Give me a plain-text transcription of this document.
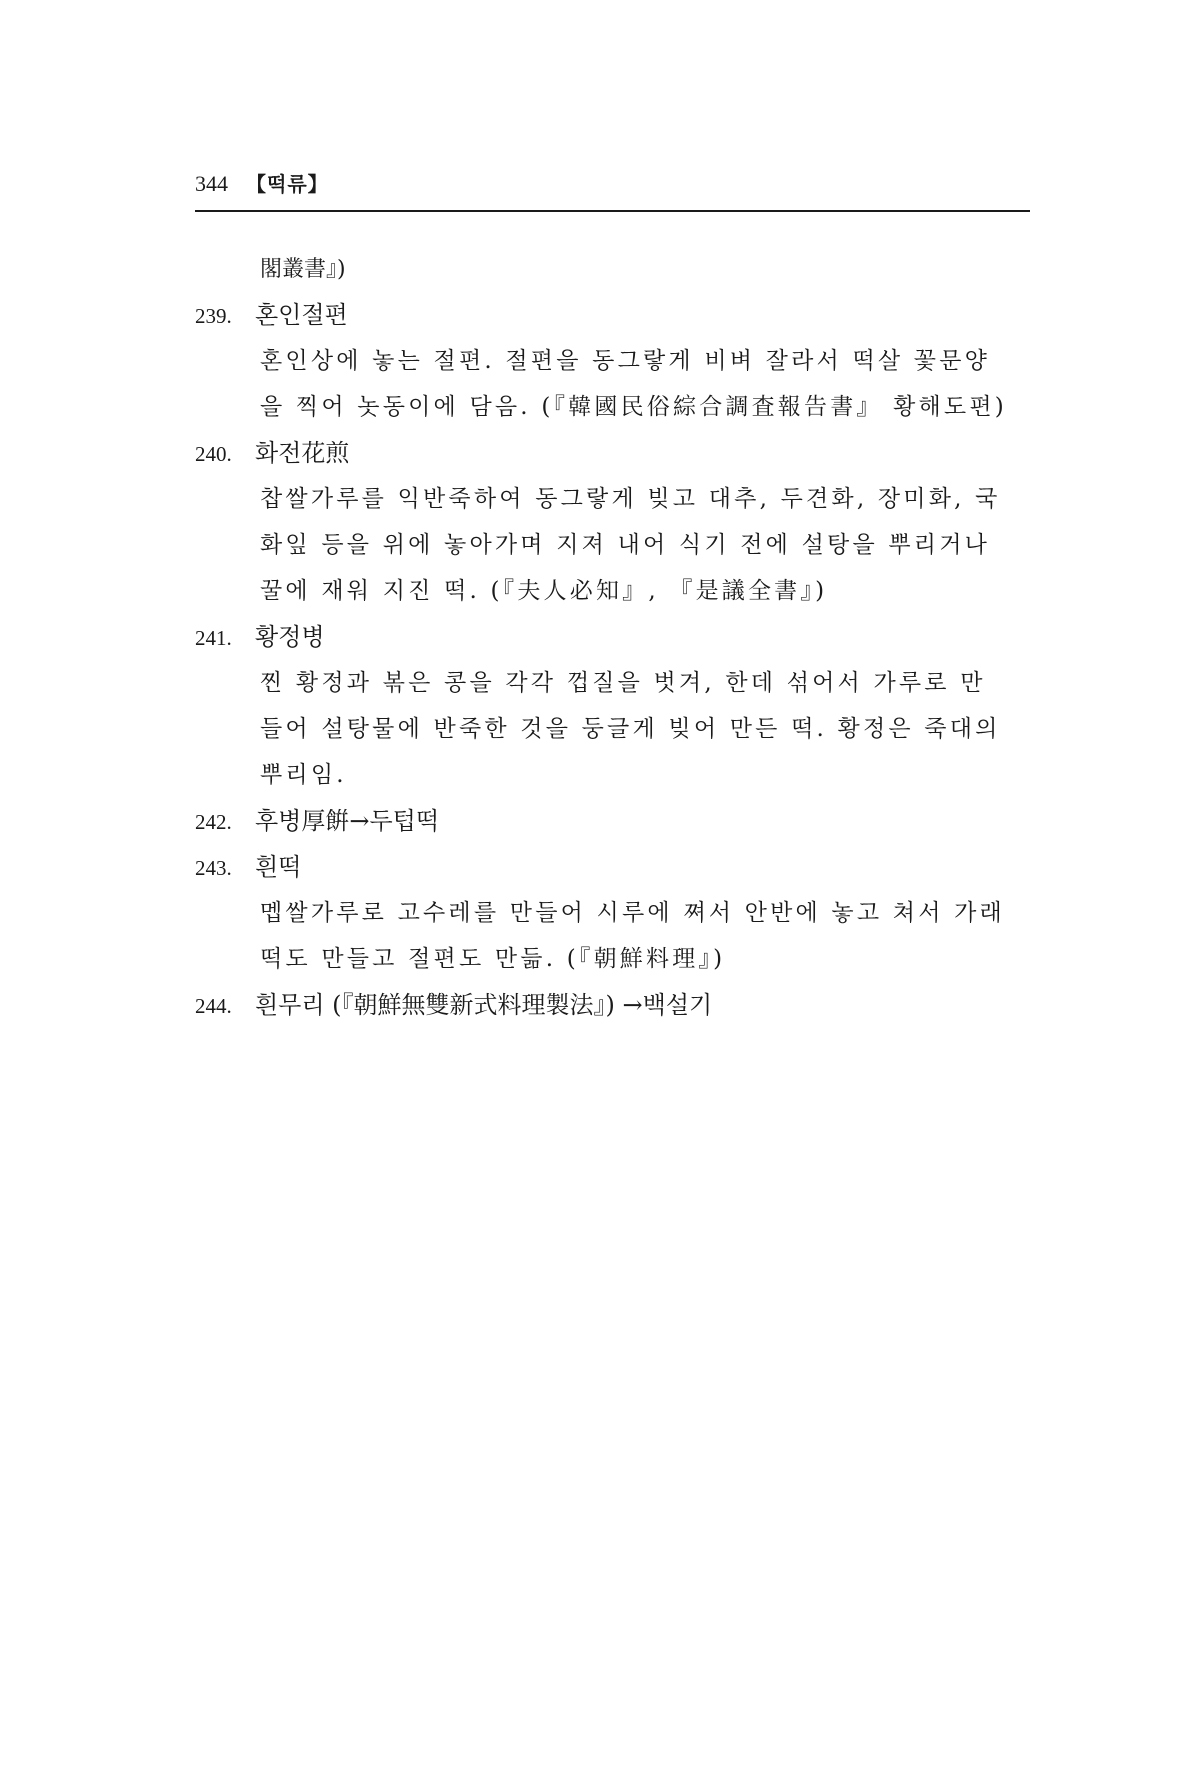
344 【떡류】
閣叢書』)
239. 혼인절편
혼인상에 놓는 절편. 절편을 동그랗게 비벼 잘라서 떡살 꽃문양
을 찍어 놋동이에 담음. (『韓國民俗綜合調査報告書』 황해도편)
240. 화전花煎
찹쌀가루를 익반죽하여 동그랗게 빚고 대추, 두견화, 장미화, 국
화잎 등을 위에 놓아가며 지져 내어 식기 전에 설탕을 뿌리거나
꿀에 재워 지진 떡. (『夫人必知』, 『是議全書』)
241. 황정병
찐 황정과 볶은 콩을 각각 껍질을 벗겨, 한데 섞어서 가루로 만
들어 설탕물에 반죽한 것을 둥글게 빚어 만든 떡. 황정은 죽대의
뿌리임.
242. 후병厚餠→두텁떡
243. 흰떡
멥쌀가루로 고수레를 만들어 시루에 쪄서 안반에 놓고 쳐서 가래
떡도 만들고 절편도 만듦. (『朝鮮料理』)
244. 흰무리 (『朝鮮無雙新式料理製法』) →백설기
